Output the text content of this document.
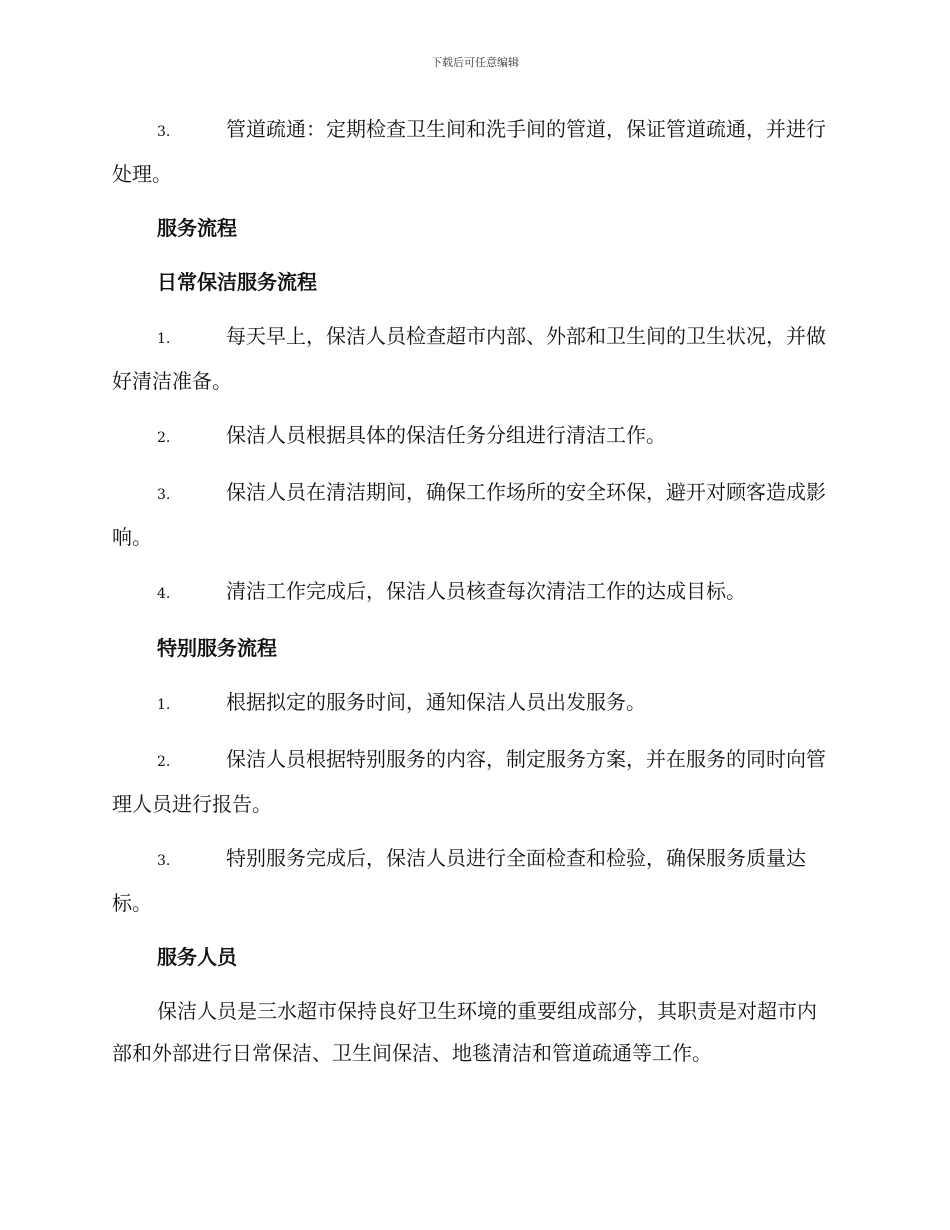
下载后可任意编辑

3.	管道疏通：定期检查卫生间和洗手间的管道，保证管道疏通，并进行处理。

服务流程
日常保洁服务流程

1.	每天早上，保洁人员检查超市内部、外部和卫生间的卫生状况，并做好清洁准备。

2.	保洁人员根据具体的保洁任务分组进行清洁工作。

3.	保洁人员在清洁期间，确保工作场所的安全环保，避开对顾客造成影响。

4.	清洁工作完成后，保洁人员核查每次清洁工作的达成目标。

特别服务流程

1.	根据拟定的服务时间，通知保洁人员出发服务。

2.	保洁人员根据特别服务的内容，制定服务方案，并在服务的同时向管理人员进行报告。

3.	特别服务完成后，保洁人员进行全面检查和检验，确保服务质量达标。

服务人员

保洁人员是三水超市保持良好卫生环境的重要组成部分，其职责是对超市内部和外部进行日常保洁、卫生间保洁、地毯清洁和管道疏通等工作。
